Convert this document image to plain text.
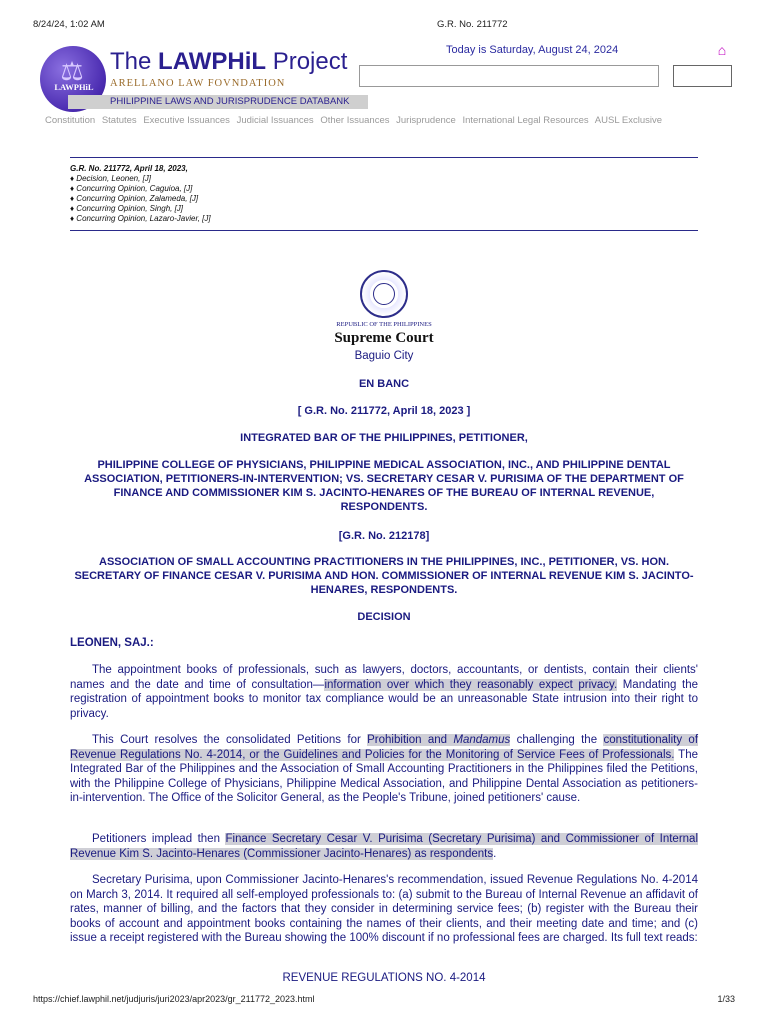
8/24/24, 1:02 AM	G.R. No. 211772
⚖
LAWPHiL
PHILIPPINE LAWS AND JURISPRUDENCE DATABANK
The LAWPHiL Project
ARELLANO LAW FOVNDATION
Today is Saturday, August 24, 2024	⌂
Constitution Statutes Executive Issuances Judicial Issuances Other Issuances Jurisprudence International Legal Resources AUSL Exclusive
G.R. No. 211772, April 18, 2023,
♦ Decision, Leonen, [J]
♦ Concurring Opinion, Caguioa, [J]
♦ Concurring Opinion, Zalameda, [J]
♦ Concurring Opinion, Singh, [J]
♦ Concurring Opinion, Lazaro-Javier, [J]
REPUBLIC OF THE PHILIPPINES
Supreme Court
Baguio City
EN BANC
[ G.R. No. 211772, April 18, 2023 ]
INTEGRATED BAR OF THE PHILIPPINES, PETITIONER,
PHILIPPINE COLLEGE OF PHYSICIANS, PHILIPPINE MEDICAL ASSOCIATION, INC., AND PHILIPPINE DENTAL ASSOCIATION, PETITIONERS-IN-INTERVENTION; VS. SECRETARY CESAR V. PURISIMA OF THE DEPARTMENT OF FINANCE AND COMMISSIONER KIM S. JACINTO-HENARES OF THE BUREAU OF INTERNAL REVENUE, RESPONDENTS.
[G.R. No. 212178]
ASSOCIATION OF SMALL ACCOUNTING PRACTITIONERS IN THE PHILIPPINES, INC., PETITIONER, VS. HON. SECRETARY OF FINANCE CESAR V. PURISIMA AND HON. COMMISSIONER OF INTERNAL REVENUE KIM S. JACINTO-HENARES, RESPONDENTS.
DECISION
LEONEN, SAJ.:

The appointment books of professionals, such as lawyers, doctors, accountants, or dentists, contain their clients' names and the date and time of consultation—information over which they reasonably expect privacy. Mandating the registration of appointment books to monitor tax compliance would be an unreasonable State intrusion into their right to privacy.

This Court resolves the consolidated Petitions for Prohibition and Mandamus challenging the constitutionality of Revenue Regulations No. 4-2014, or the Guidelines and Policies for the Monitoring of Service Fees of Professionals. The Integrated Bar of the Philippines and the Association of Small Accounting Practitioners in the Philippines filed the Petitions, with the Philippine College of Physicians, Philippine Medical Association, and Philippine Dental Association as petitioners-in-intervention. The Office of the Solicitor General, as the People's Tribune, joined petitioners' cause.

Petitioners implead then Finance Secretary Cesar V. Purisima (Secretary Purisima) and Commissioner of Internal Revenue Kim S. Jacinto-Henares (Commissioner Jacinto-Henares) as respondents.

Secretary Purisima, upon Commissioner Jacinto-Henares's recommendation, issued Revenue Regulations No. 4-2014 on March 3, 2014. It required all self-employed professionals to: (a) submit to the Bureau of Internal Revenue an affidavit of rates, manner of billing, and the factors that they consider in determining service fees; (b) register with the Bureau their books of account and appointment books containing the names of their clients, and their meeting date and time; and (c) issue a receipt registered with the Bureau showing the 100% discount if no professional fees are charged. Its full text reads:
REVENUE REGULATIONS NO. 4-2014
https://chief.lawphil.net/judjuris/juri2023/apr2023/gr_211772_2023.html	1/33
